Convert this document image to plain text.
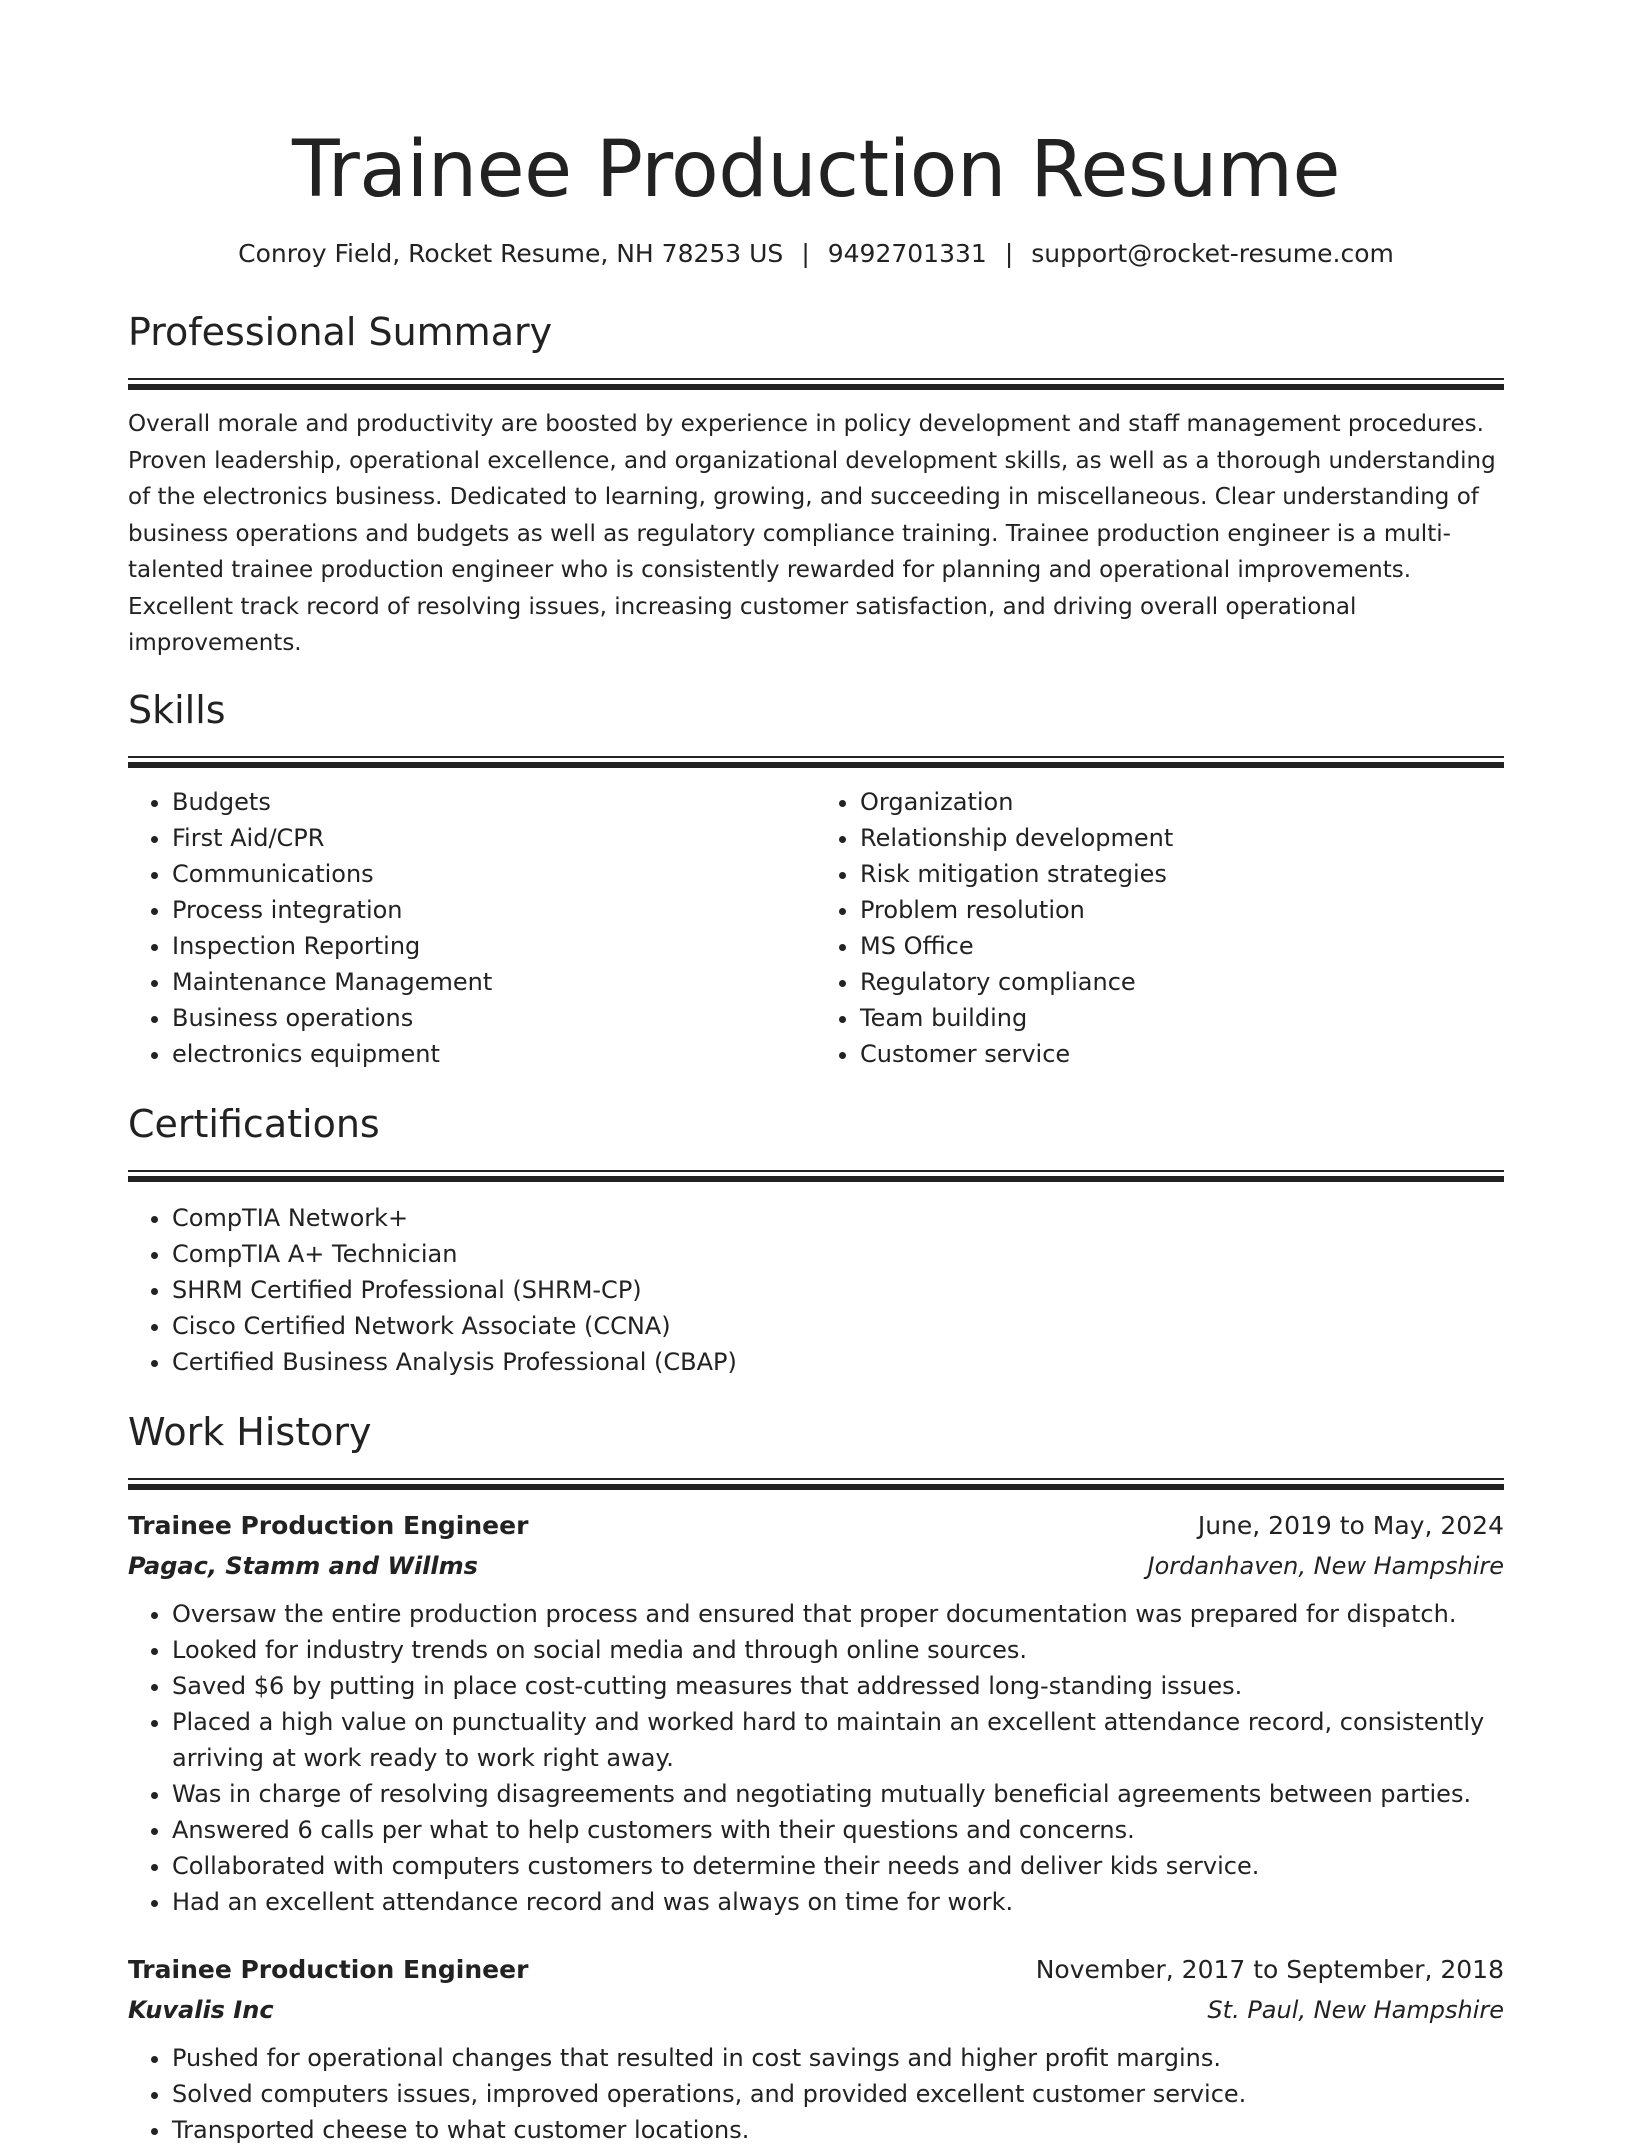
Trainee Production Resume
Conroy Field, Rocket Resume, NH 78253 US | 9492701331 | support@rocket-resume.com
Professional Summary

Overall morale and productivity are boosted by experience in policy development and staff management procedures. Proven leadership, operational excellence, and organizational development skills, as well as a thorough understanding of the electronics business. Dedicated to learning, growing, and succeeding in miscellaneous. Clear understanding of business operations and budgets as well as regulatory compliance training. Trainee production engineer is a multi-talented trainee production engineer who is consistently rewarded for planning and operational improvements. Excellent track record of resolving issues, increasing customer satisfaction, and driving overall operational improvements.

Skills
• Budgets
• First Aid/CPR
• Communications
• Process integration
• Inspection Reporting
• Maintenance Management
• Business operations
• electronics equipment
• Organization
• Relationship development
• Risk mitigation strategies
• Problem resolution
• MS Office
• Regulatory compliance
• Team building
• Customer service
Certifications
• CompTIA Network+
• CompTIA A+ Technician
• SHRM Certified Professional (SHRM-CP)
• Cisco Certified Network Associate (CCNA)
• Certified Business Analysis Professional (CBAP)
Work History
Trainee Production Engineer	June, 2019 to May, 2024
Pagac, Stamm and Willms	Jordanhaven, New Hampshire
• Oversaw the entire production process and ensured that proper documentation was prepared for dispatch.
• Looked for industry trends on social media and through online sources.
• Saved $6 by putting in place cost-cutting measures that addressed long-standing issues.
• Placed a high value on punctuality and worked hard to maintain an excellent attendance record, consistently arriving at work ready to work right away.
• Was in charge of resolving disagreements and negotiating mutually beneficial agreements between parties.
• Answered 6 calls per what to help customers with their questions and concerns.
• Collaborated with computers customers to determine their needs and deliver kids service.
• Had an excellent attendance record and was always on time for work.
Trainee Production Engineer	November, 2017 to September, 2018
Kuvalis Inc	St. Paul, New Hampshire
• Pushed for operational changes that resulted in cost savings and higher profit margins.
• Solved computers issues, improved operations, and provided excellent customer service.
• Transported cheese to what customer locations.
